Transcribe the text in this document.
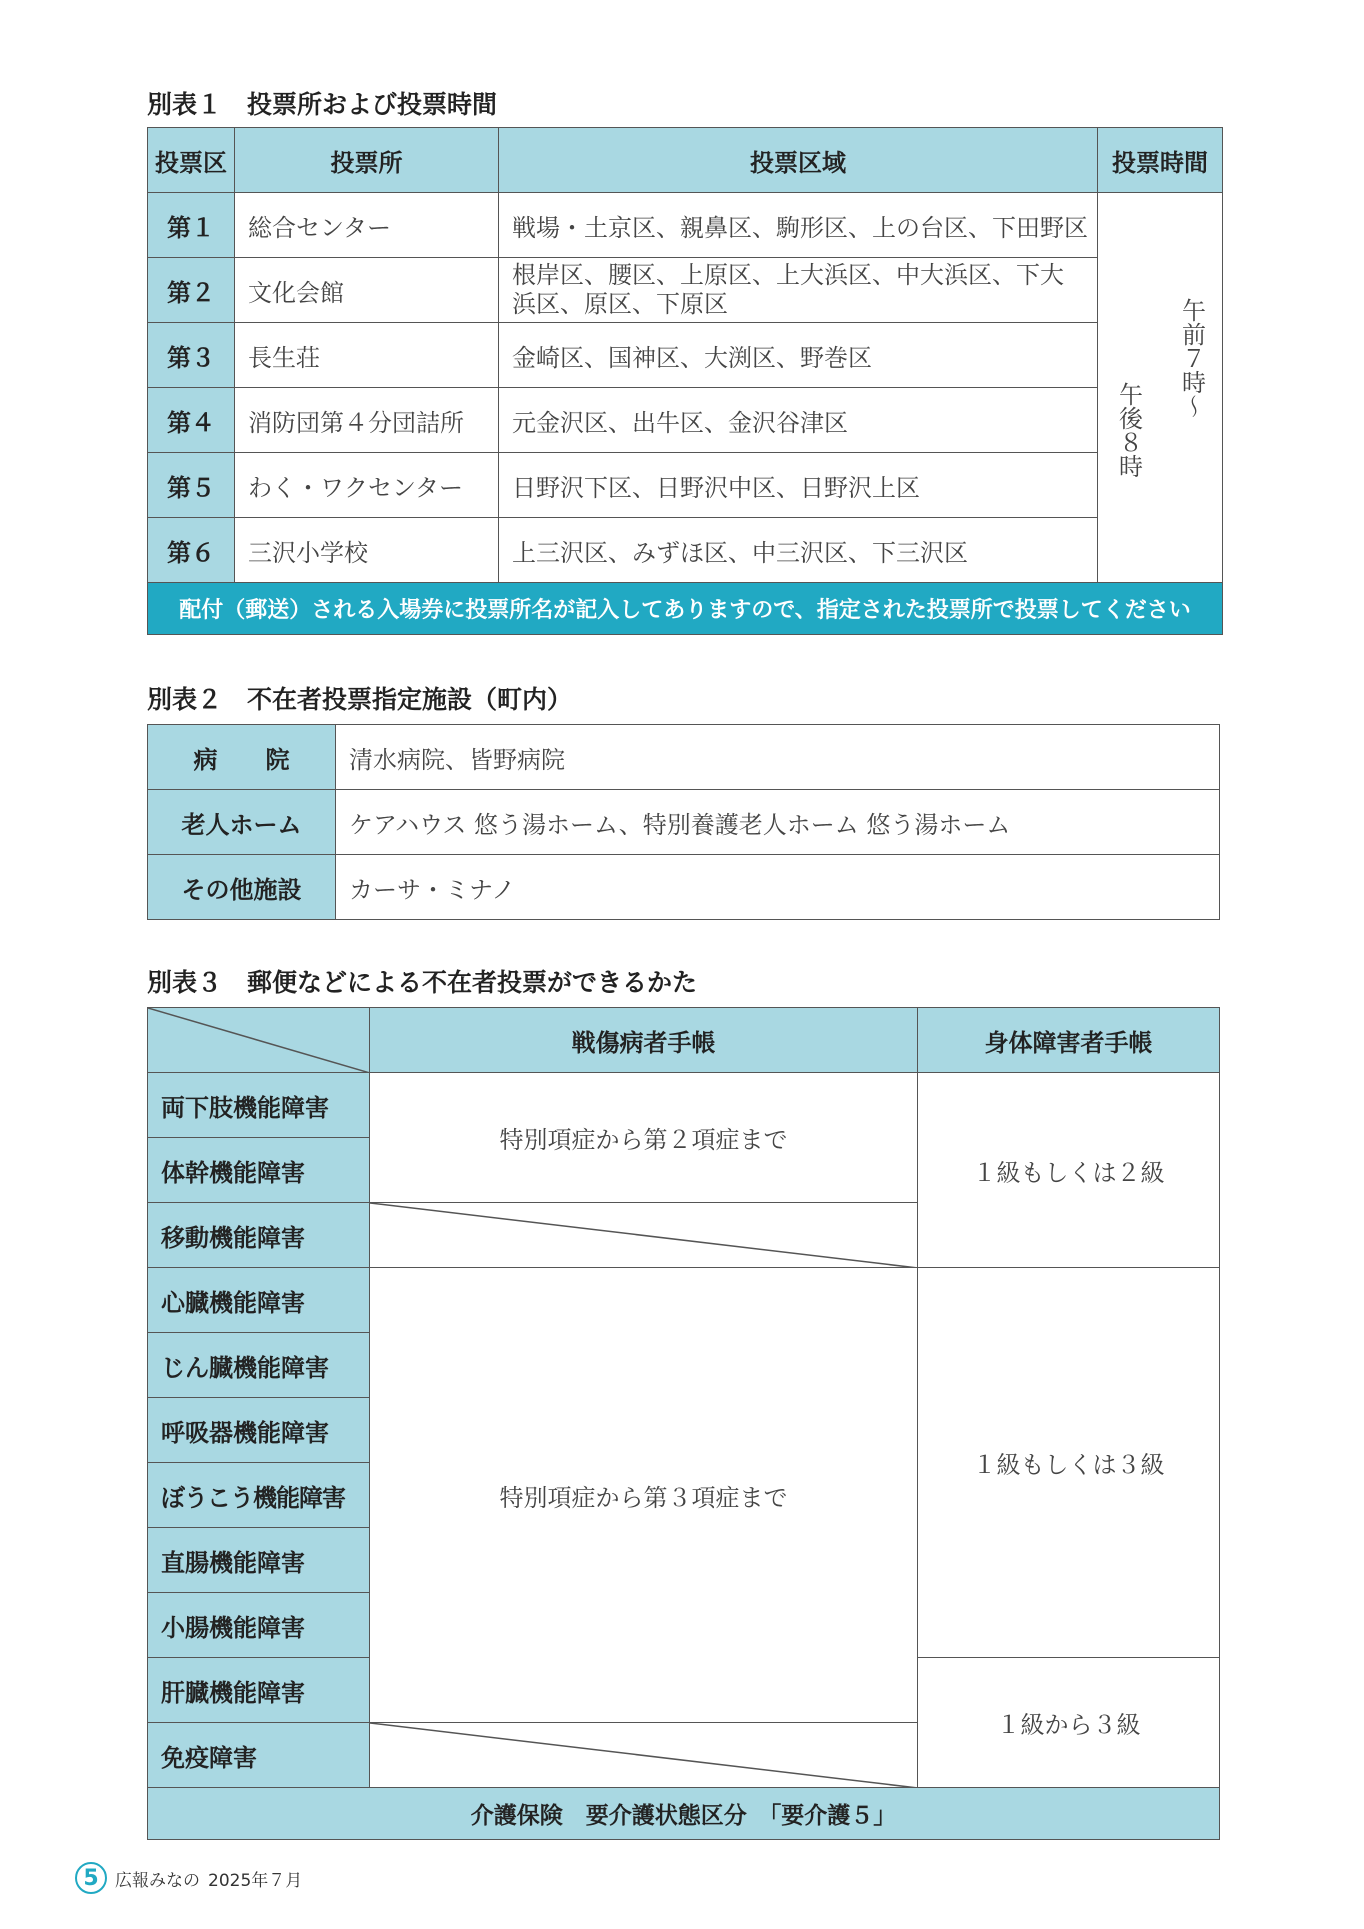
別表１　投票所および投票時間
投票区	投票所	投票区域	投票時間
第１	総合センター	戦場・土京区、親鼻区、駒形区、上の台区、下田野区	午前７時〜
午後８時

第２	文化会館	根岸区、腰区、上原区、上大浜区、中大浜区、下大浜区、原区、下原区	
第３	長生荘	金崎区、国神区、大渕区、野巻区	
第４	消防団第４分団詰所	元金沢区、出牛区、金沢谷津区	
第５	わく・ワクセンター	日野沢下区、日野沢中区、日野沢上区	
第６	三沢小学校	上三沢区、みずほ区、中三沢区、下三沢区	
配付（郵送）される入場券に投票所名が記入してありますので、指定された投票所で投票してください			
別表２　不在者投票指定施設（町内）
病　　院	清水病院、皆野病院
老人ホーム	ケアハウス 悠う湯ホーム、特別養護老人ホーム 悠う湯ホーム
その他施設	カーサ・ミナノ
別表３　郵便などによる不在者投票ができるかた
	戦傷病者手帳	身体障害者手帳
両下肢機能障害	特別項症から第２項症まで	１級もしくは２級
体幹機能障害		
移動機能障害	

心臓機能障害	特別項症から第３項症まで	１級もしくは３級
じん臓機能障害		
呼吸器機能障害		
ぼうこう機能障害		
直腸機能障害		
小腸機能障害		
肝臓機能障害		１級から３級
免疫障害	

介護保険　要介護状態区分　「要介護５」		
5 広報みなの 2025年７月
